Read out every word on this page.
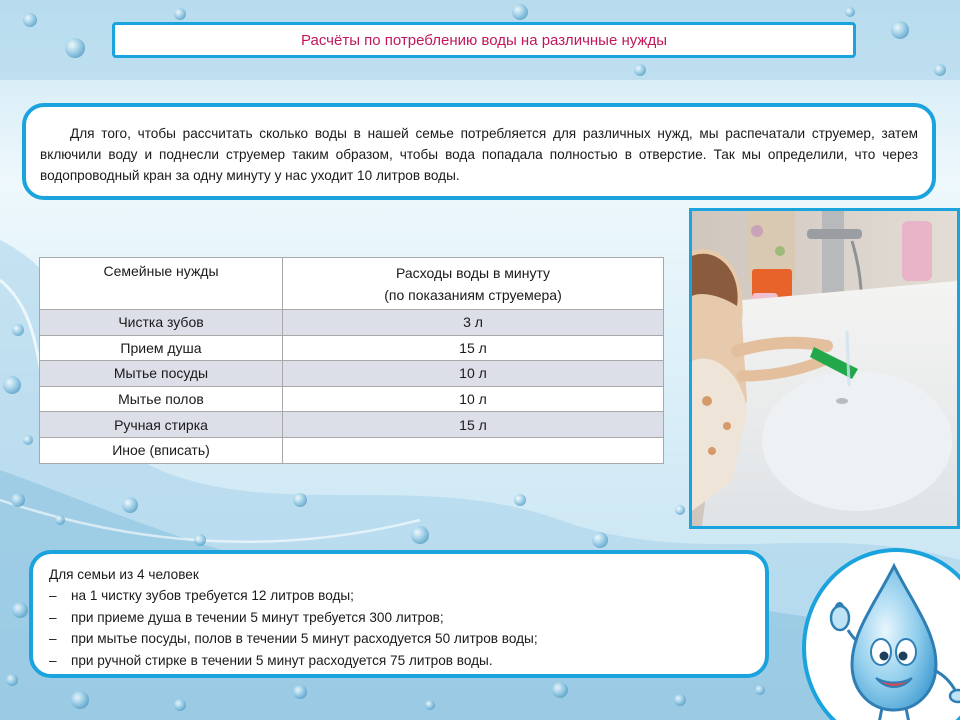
Расчёты по потреблению воды на различные нужды

Для того, чтобы рассчитать сколько воды в нашей семье потребляется для различных нужд, мы распечатали струемер, затем включили воду и поднесли струемер таким образом, чтобы вода попадала полностью в отверстие. Так мы определили, что через водопроводный кран за одну минуту у нас уходит 10 литров воды.

Семейные нужды	Расходы воды в минуту
(по показаниям струемера)
Чистка зубов	3 л
Прием душа	15 л
Мытье посуды	10 л
Мытье полов	10 л
Ручная стирка	15 л
Иное (вписать)	
Для семьи из 4 человек
– на 1 чистку зубов требуется 12 литров воды;
– при приеме душа в течении 5 минут требуется 300 литров;
– при мытье посуды, полов в течении 5 минут расходуется 50 литров воды;
– при ручной стирке в течении 5 минут расходуется 75 литров воды.
